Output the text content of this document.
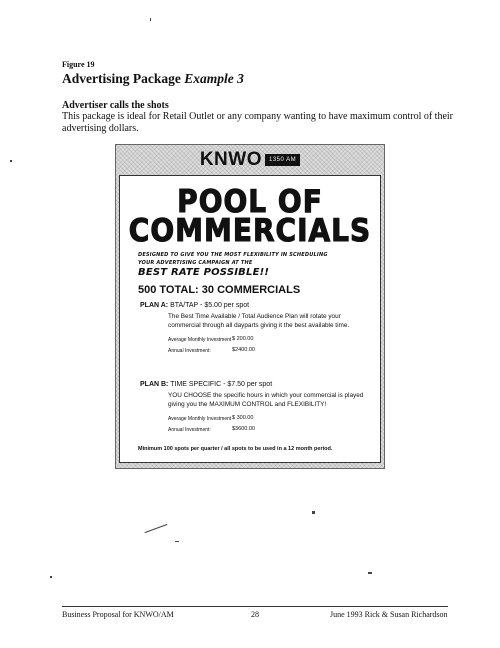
Figure 19
Advertising Package Example 3
Advertiser calls the shots
This package is ideal for Retail Outlet or any company wanting to have maximum control of their advertising dollars.
KNWO	1350 AM
POOL OF
COMMERCIALS
DESIGNED TO GIVE YOU THE MOST FLEXIBILITY IN SCHEDULING
YOUR ADVERTISING CAMPAIGN AT THE
BEST RATE POSSIBLE!!
500 TOTAL: 30 COMMERCIALS
PLAN A: BTA/TAP - $5.00 per spot
The Best Time Available / Total Audience Plan will rotate your commercial through all dayparts giving it the best available time.
Average Monthly Investment $ 200.00
Annual Investment:	$2400.00
PLAN B: TIME SPECIFIC - $7.50 per spot
YOU CHOOSE the specific hours in which your commercial is played giving you the MAXIMUM CONTROL and FLEXIBILITY!
Average Monthly Investment $ 300.00
Annual Investment:	$3600.00
Minimum 100 spots per quarter / all spots to be used in a 12 month period.
Business Proposal for KNWO/AM	28	June 1993 Rick & Susan Richardson
